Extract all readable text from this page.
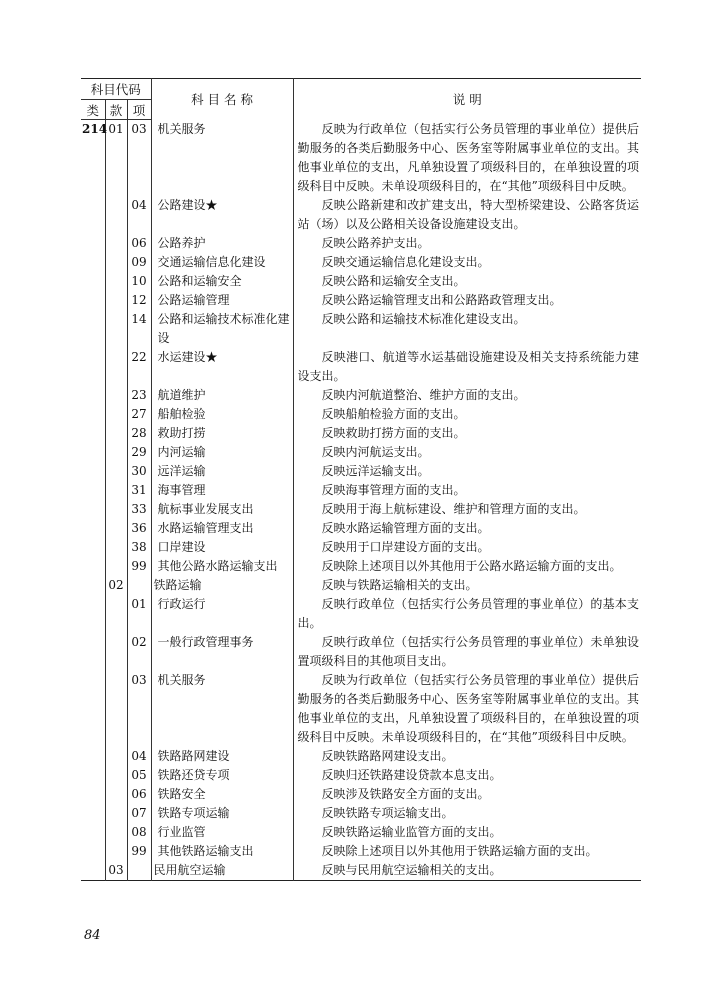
科目代码			科 目 名 称	说 明
类	款	项		
214	01	03	机关服务	反映为行政单位（包括实行公务员管理的事业单位）提供后勤服务的各类后勤服务中心、医务室等附属事业单位的支出。其他事业单位的支出，凡单独设置了项级科目的，在单独设置的项级科目中反映。未单设项级科目的，在“其他”项级科目中反映。
		04	公路建设★	反映公路新建和改扩建支出，特大型桥梁建设、公路客货运站（场）以及公路相关设备设施建设支出。
		06	公路养护	反映公路养护支出。
		09	交通运输信息化建设	反映交通运输信息化建设支出。
		10	公路和运输安全	反映公路和运输安全支出。
		12	公路运输管理	反映公路运输管理支出和公路路政管理支出。
		14	公路和运输技术标准化建设	反映公路和运输技术标准化建设支出。
		22	水运建设★	反映港口、航道等水运基础设施建设及相关支持系统能力建设支出。
		23	航道维护	反映内河航道整治、维护方面的支出。
		27	船舶检验	反映船舶检验方面的支出。
		28	救助打捞	反映救助打捞方面的支出。
		29	内河运输	反映内河航运支出。
		30	远洋运输	反映远洋运输支出。
		31	海事管理	反映海事管理方面的支出。
		33	航标事业发展支出	反映用于海上航标建设、维护和管理方面的支出。
		36	水路运输管理支出	反映水路运输管理方面的支出。
		38	口岸建设	反映用于口岸建设方面的支出。
		99	其他公路水路运输支出	反映除上述项目以外其他用于公路水路运输方面的支出。
	02		铁路运输	反映与铁路运输相关的支出。
		01	行政运行	反映行政单位（包括实行公务员管理的事业单位）的基本支出。
		02	一般行政管理事务	反映行政单位（包括实行公务员管理的事业单位）未单独设置项级科目的其他项目支出。
		03	机关服务	反映为行政单位（包括实行公务员管理的事业单位）提供后勤服务的各类后勤服务中心、医务室等附属事业单位的支出。其他事业单位的支出，凡单独设置了项级科目的，在单独设置的项级科目中反映。未单设项级科目的，在“其他”项级科目中反映。
		04	铁路路网建设	反映铁路路网建设支出。
		05	铁路还贷专项	反映归还铁路建设贷款本息支出。
		06	铁路安全	反映涉及铁路安全方面的支出。
		07	铁路专项运输	反映铁路专项运输支出。
		08	行业监管	反映铁路运输业监管方面的支出。
		99	其他铁路运输支出	反映除上述项目以外其他用于铁路运输方面的支出。
	03		民用航空运输	反映与民用航空运输相关的支出。
84
